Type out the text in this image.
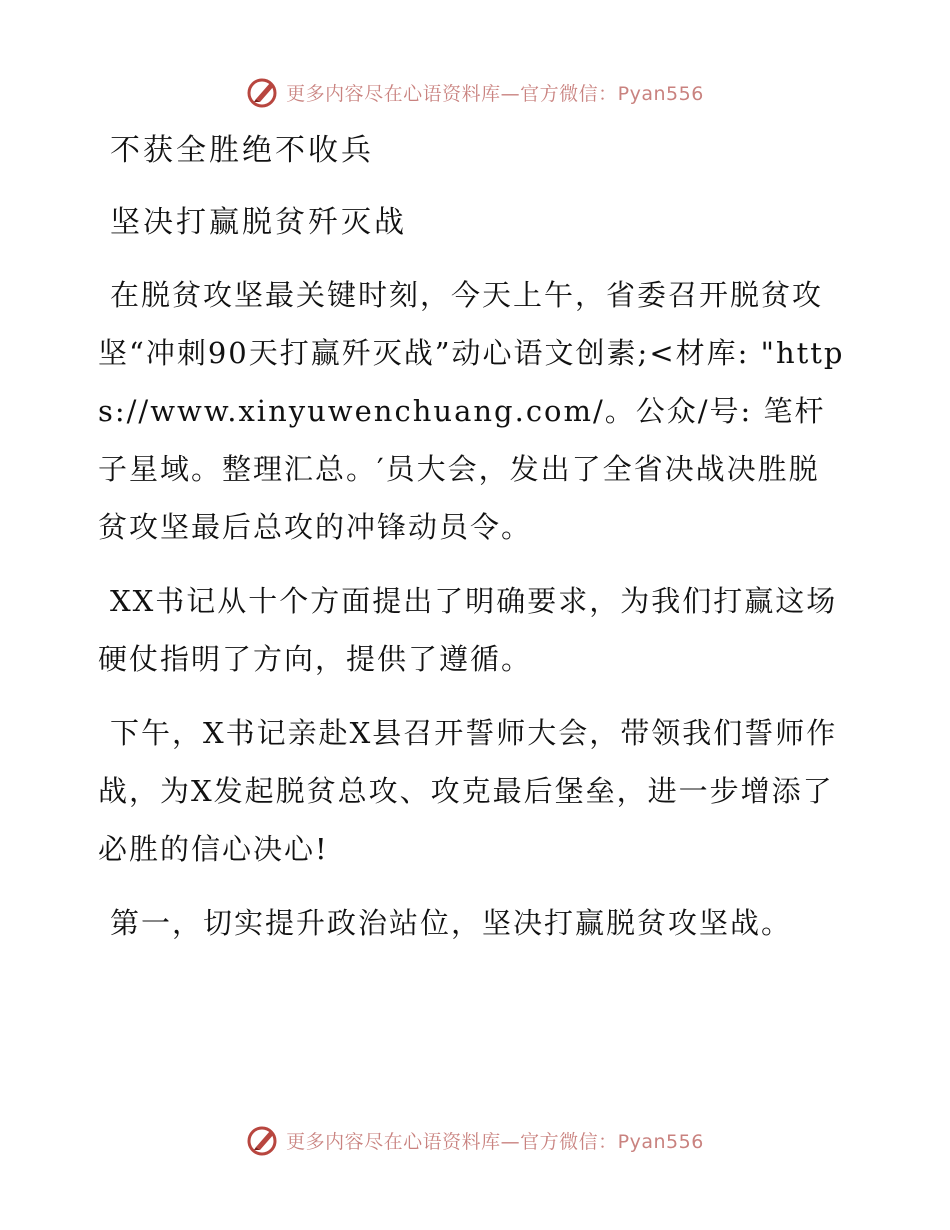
更多内容尽在心语资料库—官方微信：Pyan556

不获全胜绝不收兵

坚决打赢脱贫歼灭战

在脱贫攻坚最关键时刻，今天上午，省委召开脱贫攻坚“冲刺90天打赢歼灭战”动心语文创素;<材库: "https://www.xinyuwenchuang.com/。公众/号: 笔杆子星域。整理汇总。′员大会，发出了全省决战决胜脱贫攻坚最后总攻的冲锋动员令。

XX书记从十个方面提出了明确要求，为我们打赢这场硬仗指明了方向，提供了遵循。

下午，X书记亲赴X县召开誓师大会，带领我们誓师作战，为X发起脱贫总攻、攻克最后堡垒，进一步增添了必胜的信心决心!

第一，切实提升政治站位，坚决打赢脱贫攻坚战。

更多内容尽在心语资料库—官方微信：Pyan556
